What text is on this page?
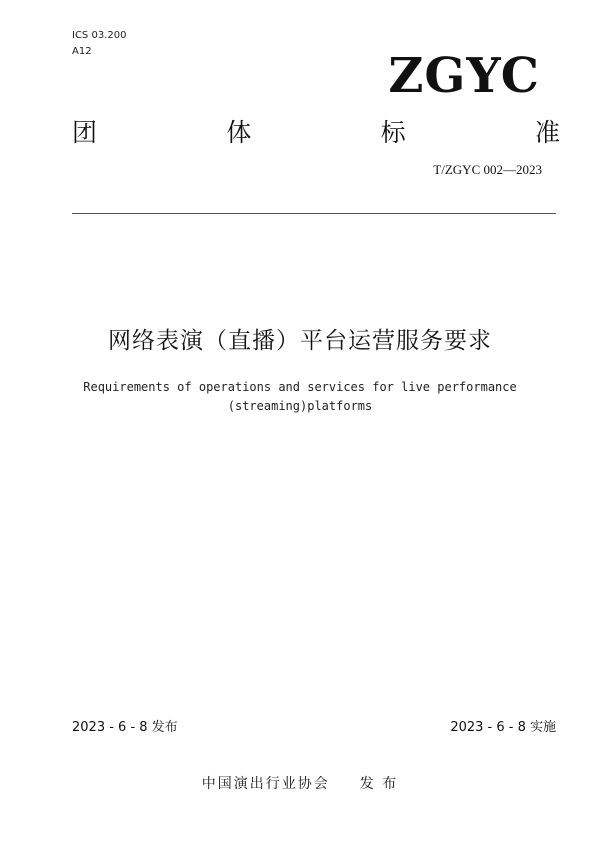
ICS 03.200
A12	ZGYC
团	体	标	准
T/ZGYC 002—2023
网络表演（直播）平台运营服务要求
Requirements of operations and services for live performance
(streaming)platforms
2023 - 6 - 8 发布	2023 - 6 - 8 实施
中国演出行业协会 发 布
